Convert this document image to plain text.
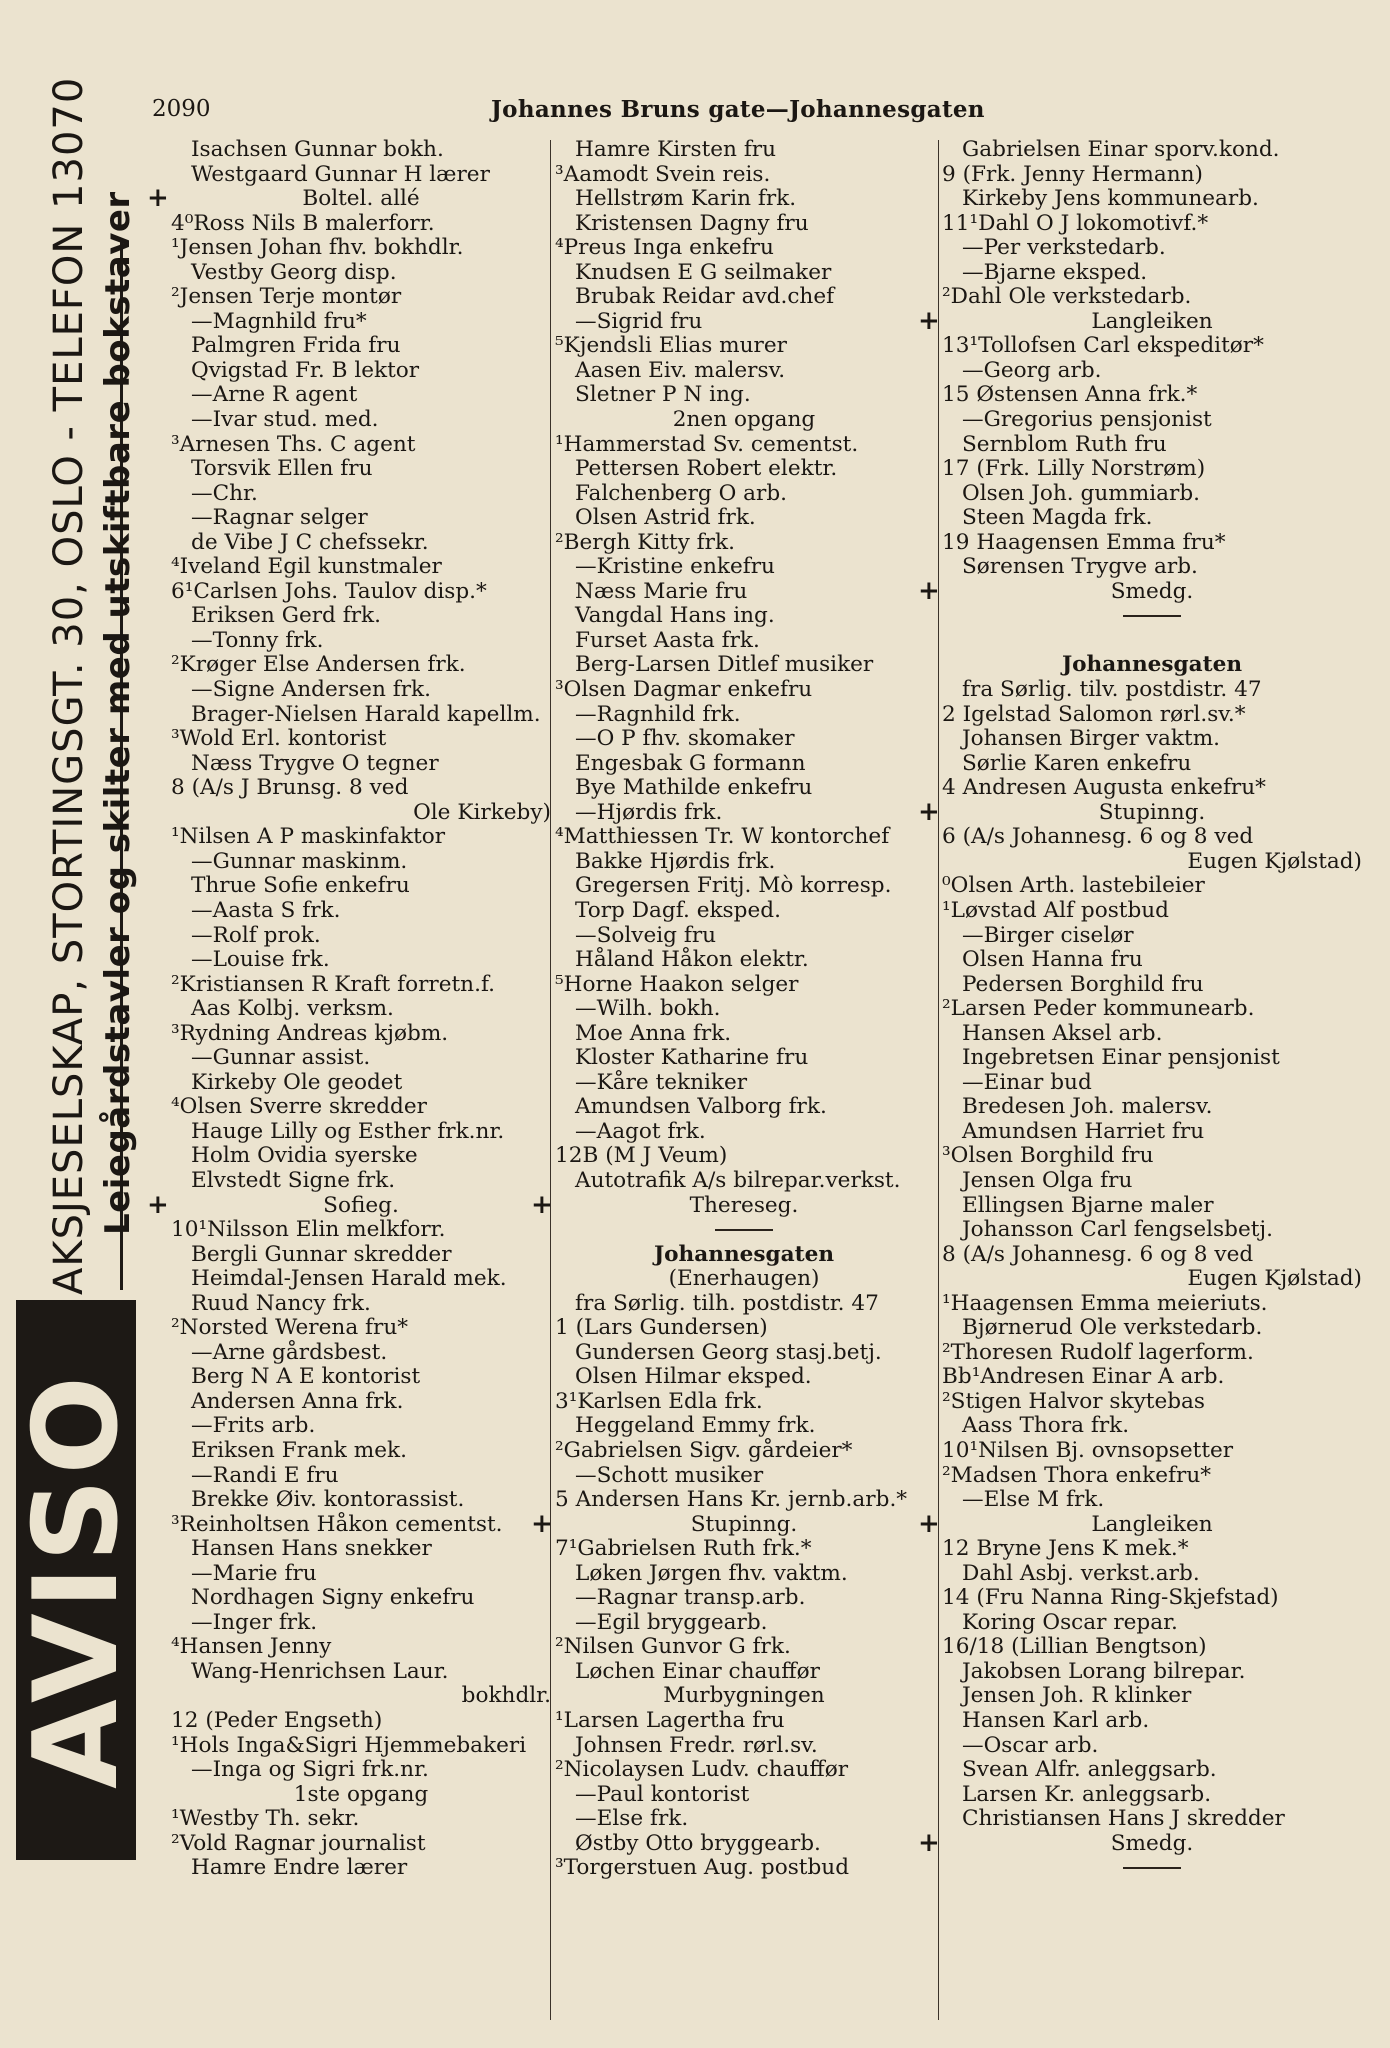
2090	Johannes Bruns gate—Johannesgaten
AKSJESELSKAP, STORTINGSGT. 30, OSLO - TELEFON 13070 Leiegårdstavler og skilter med utskiftbare bokstaver
AVISO
Isachsen Gunnar bokh.
Westgaard Gunnar H lærer
+	Boltel. allé
4⁰Ross Nils B malerforr.
¹Jensen Johan fhv. bokhdlr.
Vestby Georg disp.
²Jensen Terje montør
—Magnhild fru*
Palmgren Frida fru
Qvigstad Fr. B lektor
—Arne R agent
—Ivar stud. med.
³Arnesen Ths. C agent
Torsvik Ellen fru
—Chr.
—Ragnar selger
de Vibe J C chefssekr.
⁴Iveland Egil kunstmaler
6¹Carlsen Johs. Taulov disp.*
Eriksen Gerd frk.
—Tonny frk.
²Krøger Else Andersen frk.
—Signe Andersen frk.
Brager-Nielsen Harald kapellm.
³Wold Erl. kontorist
Næss Trygve O tegner
8 (A/s J Brunsg. 8 ved
Ole Kirkeby)
¹Nilsen A P maskinfaktor
—Gunnar maskinm.
Thrue Sofie enkefru
—Aasta S frk.
—Rolf prok.
—Louise frk.
²Kristiansen R Kraft forretn.f.
Aas Kolbj. verksm.
³Rydning Andreas kjøbm.
—Gunnar assist.
Kirkeby Ole geodet
⁴Olsen Sverre skredder
Hauge Lilly og Esther frk.nr.
Holm Ovidia syerske
Elvstedt Signe frk.
+	Sofieg.
10¹Nilsson Elin melkforr.
Bergli Gunnar skredder
Heimdal-Jensen Harald mek.
Ruud Nancy frk.
²Norsted Werena fru*
—Arne gårdsbest.
Berg N A E kontorist
Andersen Anna frk.
—Frits arb.
Eriksen Frank mek.
—Randi E fru
Brekke Øiv. kontorassist.
³Reinholtsen Håkon cementst.
Hansen Hans snekker
—Marie fru
Nordhagen Signy enkefru
—Inger frk.
⁴Hansen Jenny
Wang-Henrichsen Laur.
bokhdlr.
12 (Peder Engseth)
¹Hols Inga&Sigri Hjemmebakeri
—Inga og Sigri frk.nr.
1ste opgang
¹Westby Th. sekr.
²Vold Ragnar journalist
Hamre Endre lærer
Hamre Kirsten fru
³Aamodt Svein reis.
Hellstrøm Karin frk.
Kristensen Dagny fru
⁴Preus Inga enkefru
Knudsen E G seilmaker
Brubak Reidar avd.chef
—Sigrid fru
⁵Kjendsli Elias murer
Aasen Eiv. malersv.
Sletner P N ing.
2nen opgang
¹Hammerstad Sv. cementst.
Pettersen Robert elektr.
Falchenberg O arb.
Olsen Astrid frk.
²Bergh Kitty frk.
—Kristine enkefru
Næss Marie fru
Vangdal Hans ing.
Furset Aasta frk.
Berg-Larsen Ditlef musiker
³Olsen Dagmar enkefru
—Ragnhild frk.
—O P fhv. skomaker
Engesbak G formann
Bye Mathilde enkefru
—Hjørdis frk.
⁴Matthiessen Tr. W kontorchef
Bakke Hjørdis frk.
Gregersen Fritj. Mò korresp.
Torp Dagf. eksped.
—Solveig fru
Håland Håkon elektr.
⁵Horne Haakon selger
—Wilh. bokh.
Moe Anna frk.
Kloster Katharine fru
—Kåre tekniker
Amundsen Valborg frk.
—Aagot frk.
12B (M J Veum)
Autotrafik A/s bilrepar.verkst.
+	Thereseg.
Johannesgaten
(Enerhaugen)
fra Sørlig. tilh. postdistr. 47
1 (Lars Gundersen)
Gundersen Georg stasj.betj.
Olsen Hilmar eksped.
3¹Karlsen Edla frk.
Heggeland Emmy frk.
²Gabrielsen Sigv. gårdeier*
—Schott musiker
5 Andersen Hans Kr. jernb.arb.*
+	Stupinng.
7¹Gabrielsen Ruth frk.*
Løken Jørgen fhv. vaktm.
—Ragnar transp.arb.
—Egil bryggearb.
²Nilsen Gunvor G frk.
Løchen Einar chauffør
Murbygningen
¹Larsen Lagertha fru
Johnsen Fredr. rørl.sv.
²Nicolaysen Ludv. chauffør
—Paul kontorist
—Else frk.
Østby Otto bryggearb.
³Torgerstuen Aug. postbud
Gabrielsen Einar sporv.kond.
9 (Frk. Jenny Hermann)
Kirkeby Jens kommunearb.
11¹Dahl O J lokomotivf.*
—Per verkstedarb.
—Bjarne eksped.
²Dahl Ole verkstedarb.
+	Langleiken
13¹Tollofsen Carl ekspeditør*
—Georg arb.
15 Østensen Anna frk.*
—Gregorius pensjonist
Sernblom Ruth fru
17 (Frk. Lilly Norstrøm)
Olsen Joh. gummiarb.
Steen Magda frk.
19 Haagensen Emma fru*
Sørensen Trygve arb.
+	Smedg.
Johannesgaten
fra Sørlig. tilv. postdistr. 47
2 Igelstad Salomon rørl.sv.*
Johansen Birger vaktm.
Sørlie Karen enkefru
4 Andresen Augusta enkefru*
+	Stupinng.
6 (A/s Johannesg. 6 og 8 ved
Eugen Kjølstad)
⁰Olsen Arth. lastebileier
¹Løvstad Alf postbud
—Birger ciselør
Olsen Hanna fru
Pedersen Borghild fru
²Larsen Peder kommunearb.
Hansen Aksel arb.
Ingebretsen Einar pensjonist
—Einar bud
Bredesen Joh. malersv.
Amundsen Harriet fru
³Olsen Borghild fru
Jensen Olga fru
Ellingsen Bjarne maler
Johansson Carl fengselsbetj.
8 (A/s Johannesg. 6 og 8 ved
Eugen Kjølstad)
¹Haagensen Emma meieriuts.
Bjørnerud Ole verkstedarb.
²Thoresen Rudolf lagerform.
Bb¹Andresen Einar A arb.
²Stigen Halvor skytebas
Aass Thora frk.
10¹Nilsen Bj. ovnsopsetter
²Madsen Thora enkefru*
—Else M frk.
+	Langleiken
12 Bryne Jens K mek.*
Dahl Asbj. verkst.arb.
14 (Fru Nanna Ring-Skjefstad)
Koring Oscar repar.
16/18 (Lillian Bengtson)
Jakobsen Lorang bilrepar.
Jensen Joh. R klinker
Hansen Karl arb.
—Oscar arb.
Svean Alfr. anleggsarb.
Larsen Kr. anleggsarb.
Christiansen Hans J skredder
+	Smedg.
